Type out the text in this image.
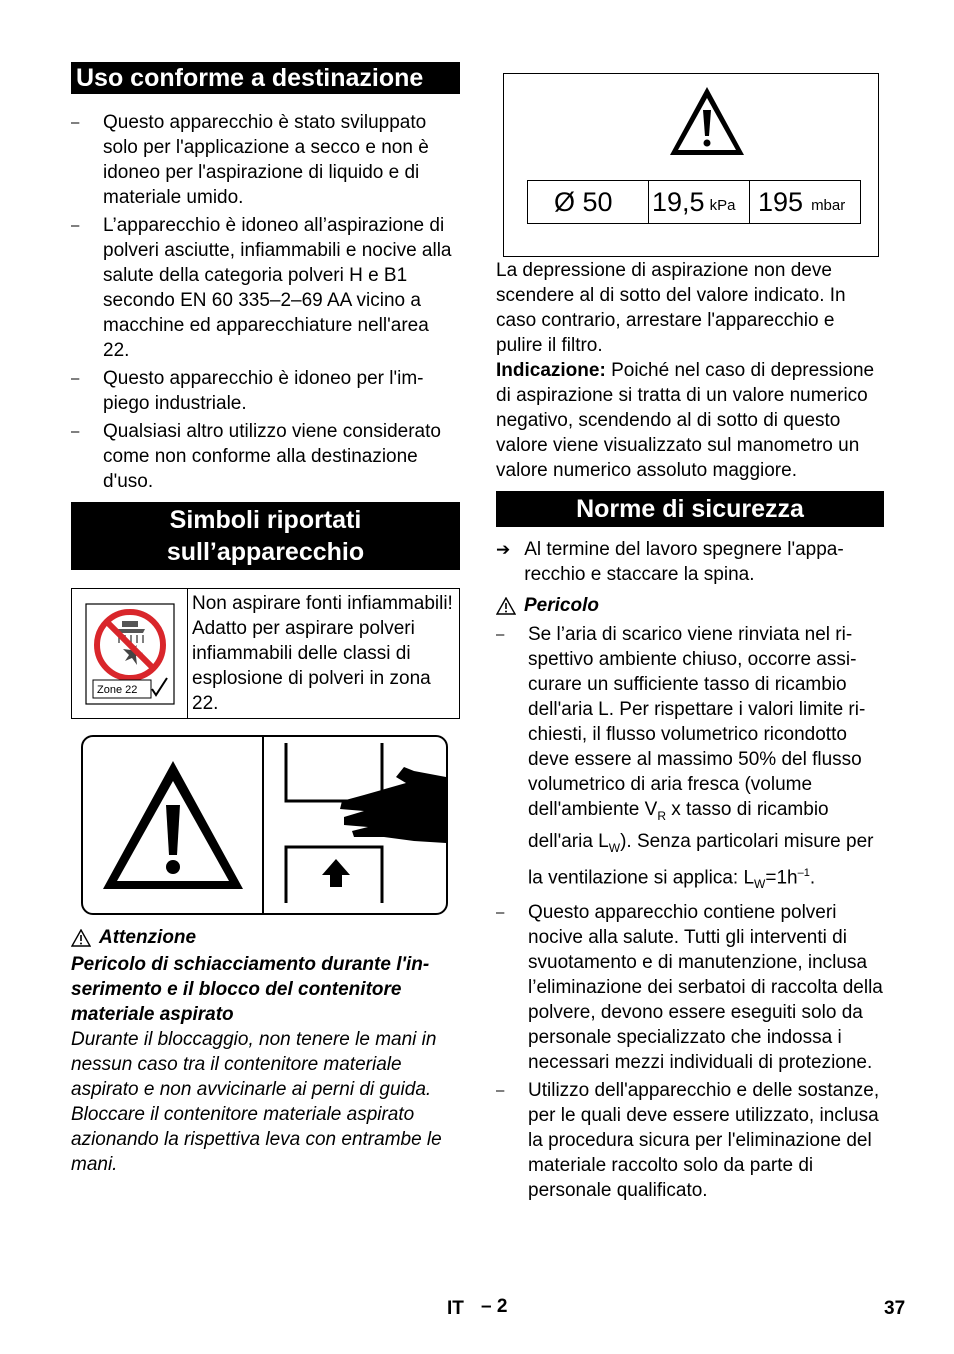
Uso conforme a destinazione
–	Questo apparecchio è stato sviluppato solo per l'applicazione a secco e non è idoneo per l'aspirazione di liquido e di materiale umido.
–	L’apparecchio è idoneo all’aspirazione di polveri asciutte, infiammabili e nocive alla salute della categoria polveri H e B1 secondo EN 60 335–2–69 AA vicino a macchine ed apparecchiature nell'area 22.
–	Questo apparecchio è idoneo per l'impiego industriale.
–	Qualsiasi altro utilizzo viene considerato come non conforme alla destinazione d'uso.
Simboli riportati
sull’apparecchio
Zone 22
Non aspirare fonti infiammabili! Adatto per aspirare polveri infiammabili delle classi di esplosione di polveri in zona 22.
Attenzione
Pericolo di schiacciamento durante l'inserimento e il blocco del contenitore materiale aspirato
Durante il bloccaggio, non tenere le mani in nessun caso tra il contenitore materiale aspirato e non avvicinarle ai perni di guida. Bloccare il contenitore materiale aspirato azionando la rispettiva leva con entrambe le mani.
Ø 50	19,5 kPa 195 mbar

La depressione di aspirazione non deve scendere al di sotto del valore indicato. In caso contrario, arrestare l'apparecchio e pulire il filtro.

Indicazione: Poiché nel caso di depressione di aspirazione si tratta di un valore numerico negativo, scendendo al di sotto di questo valore viene visualizzato sul manometro un valore numerico assoluto maggiore.

Norme di sicurezza
➔ Al termine del lavoro spegnere l'apparecchio e staccare la spina.
Pericolo
–	Se l’aria di scarico viene rinviata nel rispettivo ambiente chiuso, occorre assicurare un sufficiente tasso di ricambio dell'aria L. Per rispettare i valori limite richiesti, il flusso volumetrico ricondotto deve essere al massimo 50% del flusso volumetrico di aria fresca (volume dell'ambiente $V_R$ x tasso di ricambio dell'aria $L_W$). Senza particolari misure per la ventilazione si applica: $L_W=1h^{-1}$.
–	Questo apparecchio contiene polveri nocive alla salute. Tutti gli interventi di svuotamento e di manutenzione, inclusa l’eliminazione dei serbatoi di raccolta della polvere, devono essere eseguiti solo da personale specializzato che indossa i necessari mezzi individuali di protezione.
–	Utilizzo dell'apparecchio e delle sostanze, per le quali deve essere utilizzato, inclusa la procedura sicura per l'eliminazione del materiale raccolto solo da parte di personale qualificato.
IT – 2	37
